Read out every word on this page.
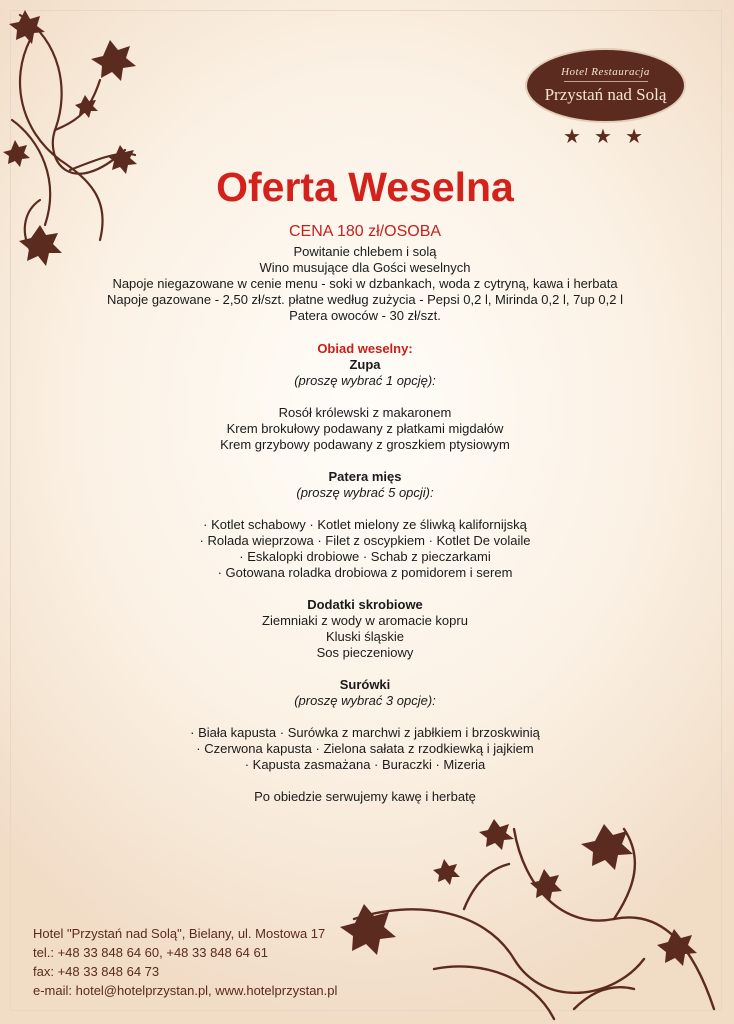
Hotel Restauracja
Przystań nad Solą
★ ★ ★
Oferta Weselna
CENA 180 zł/OSOBA
Powitanie chlebem i solą
Wino musujące dla Gości weselnych
Napoje niegazowane w cenie menu - soki w dzbankach, woda z cytryną, kawa i herbata
Napoje gazowane - 2,50 zł/szt. płatne według zużycia - Pepsi 0,2 l, Mirinda 0,2 l, 7up 0,2 l
Patera owoców - 30 zł/szt.
Obiad weselny:
Zupa
(proszę wybrać 1 opcję):
Rosół królewski z makaronem
Krem brokułowy podawany z płatkami migdałów
Krem grzybowy podawany z groszkiem ptysiowym
Patera mięs
(proszę wybrać 5 opcji):
· Kotlet schabowy · Kotlet mielony ze śliwką kalifornijską
· Rolada wieprzowa · Filet z oscypkiem · Kotlet De volaile
· Eskalopki drobiowe · Schab z pieczarkami
· Gotowana roladka drobiowa z pomidorem i serem
Dodatki skrobiowe
Ziemniaki z wody w aromacie kopru
Kluski śląskie
Sos pieczeniowy
Surówki
(proszę wybrać 3 opcje):
· Biała kapusta · Surówka z marchwi z jabłkiem i brzoskwinią
· Czerwona kapusta · Zielona sałata z rzodkiewką i jajkiem
· Kapusta zasmażana · Buraczki · Mizeria
Po obiedzie serwujemy kawę i herbatę
Hotel "Przystań nad Solą", Bielany, ul. Mostowa 17
tel.: +48 33 848 64 60, +48 33 848 64 61
fax: +48 33 848 64 73
e-mail: hotel@hotelprzystan.pl, www.hotelprzystan.pl
